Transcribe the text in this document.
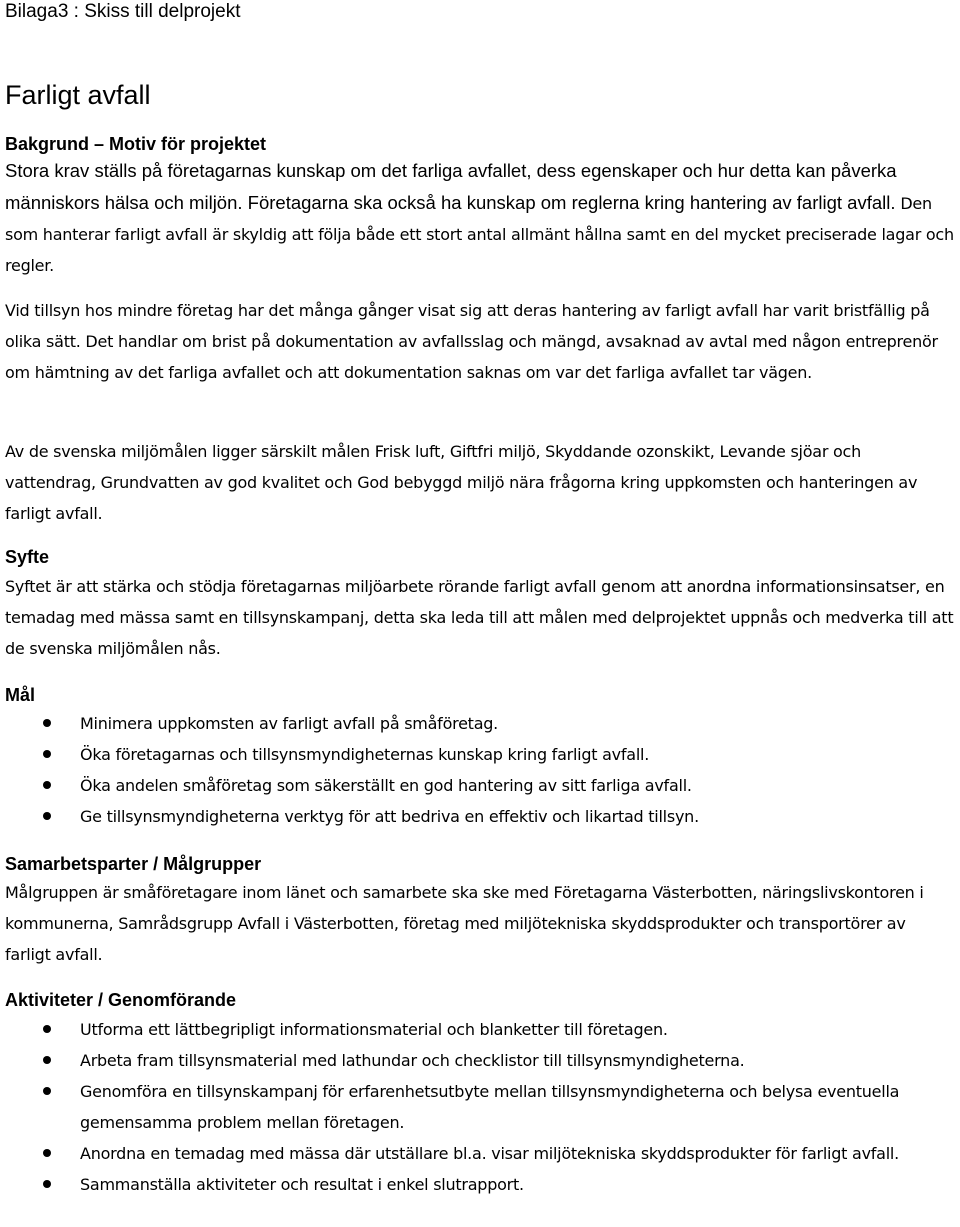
Bilaga3 : Skiss till delprojekt
Farligt avfall
Bakgrund – Motiv för projektet

Stora krav ställs på företagarnas kunskap om det farliga avfallet, dess egenskaper och hur detta kan påverka människors hälsa och miljön. Företagarna ska också ha kunskap om reglerna kring hantering av farligt avfall. Den som hanterar farligt avfall är skyldig att följa både ett stort antal allmänt hållna samt en del mycket preciserade lagar och regler.

Vid tillsyn hos mindre företag har det många gånger visat sig att deras hantering av farligt avfall har varit bristfällig på olika sätt. Det handlar om brist på dokumentation av avfallsslag och mängd, avsaknad av avtal med någon entreprenör om hämtning av det farliga avfallet och att dokumentation saknas om var det farliga avfallet tar vägen.

Av de svenska miljömålen ligger särskilt målen Frisk luft, Giftfri miljö, Skyddande ozonskikt, Levande sjöar och vattendrag, Grundvatten av god kvalitet och God bebyggd miljö nära frågorna kring uppkomsten och hanteringen av farligt avfall.

Syfte

Syftet är att stärka och stödja företagarnas miljöarbete rörande farligt avfall genom att anordna informationsinsatser, en temadag med mässa samt en tillsynskampanj, detta ska leda till att målen med delprojektet uppnås och medverka till att de svenska miljömålen nås.

Mål
Minimera uppkomsten av farligt avfall på småföretag.
Öka företagarnas och tillsynsmyndigheternas kunskap kring farligt avfall.
Öka andelen småföretag som säkerställt en god hantering av sitt farliga avfall.
Ge tillsynsmyndigheterna verktyg för att bedriva en effektiv och likartad tillsyn.
Samarbetsparter / Målgrupper

Målgruppen är småföretagare inom länet och samarbete ska ske med Företagarna Västerbotten, näringslivskontoren i kommunerna, Samrådsgrupp Avfall i Västerbotten, företag med miljötekniska skyddsprodukter och transportörer av farligt avfall.

Aktiviteter / Genomförande
Utforma ett lättbegripligt informationsmaterial och blanketter till företagen.
Arbeta fram tillsynsmaterial med lathundar och checklistor till tillsynsmyndigheterna.
Genomföra en tillsynskampanj för erfarenhetsutbyte mellan tillsynsmyndigheterna och belysa eventuella gemensamma problem mellan företagen.
Anordna en temadag med mässa där utställare bl.a. visar miljötekniska skyddsprodukter för farligt avfall.
Sammanställa aktiviteter och resultat i enkel slutrapport.
